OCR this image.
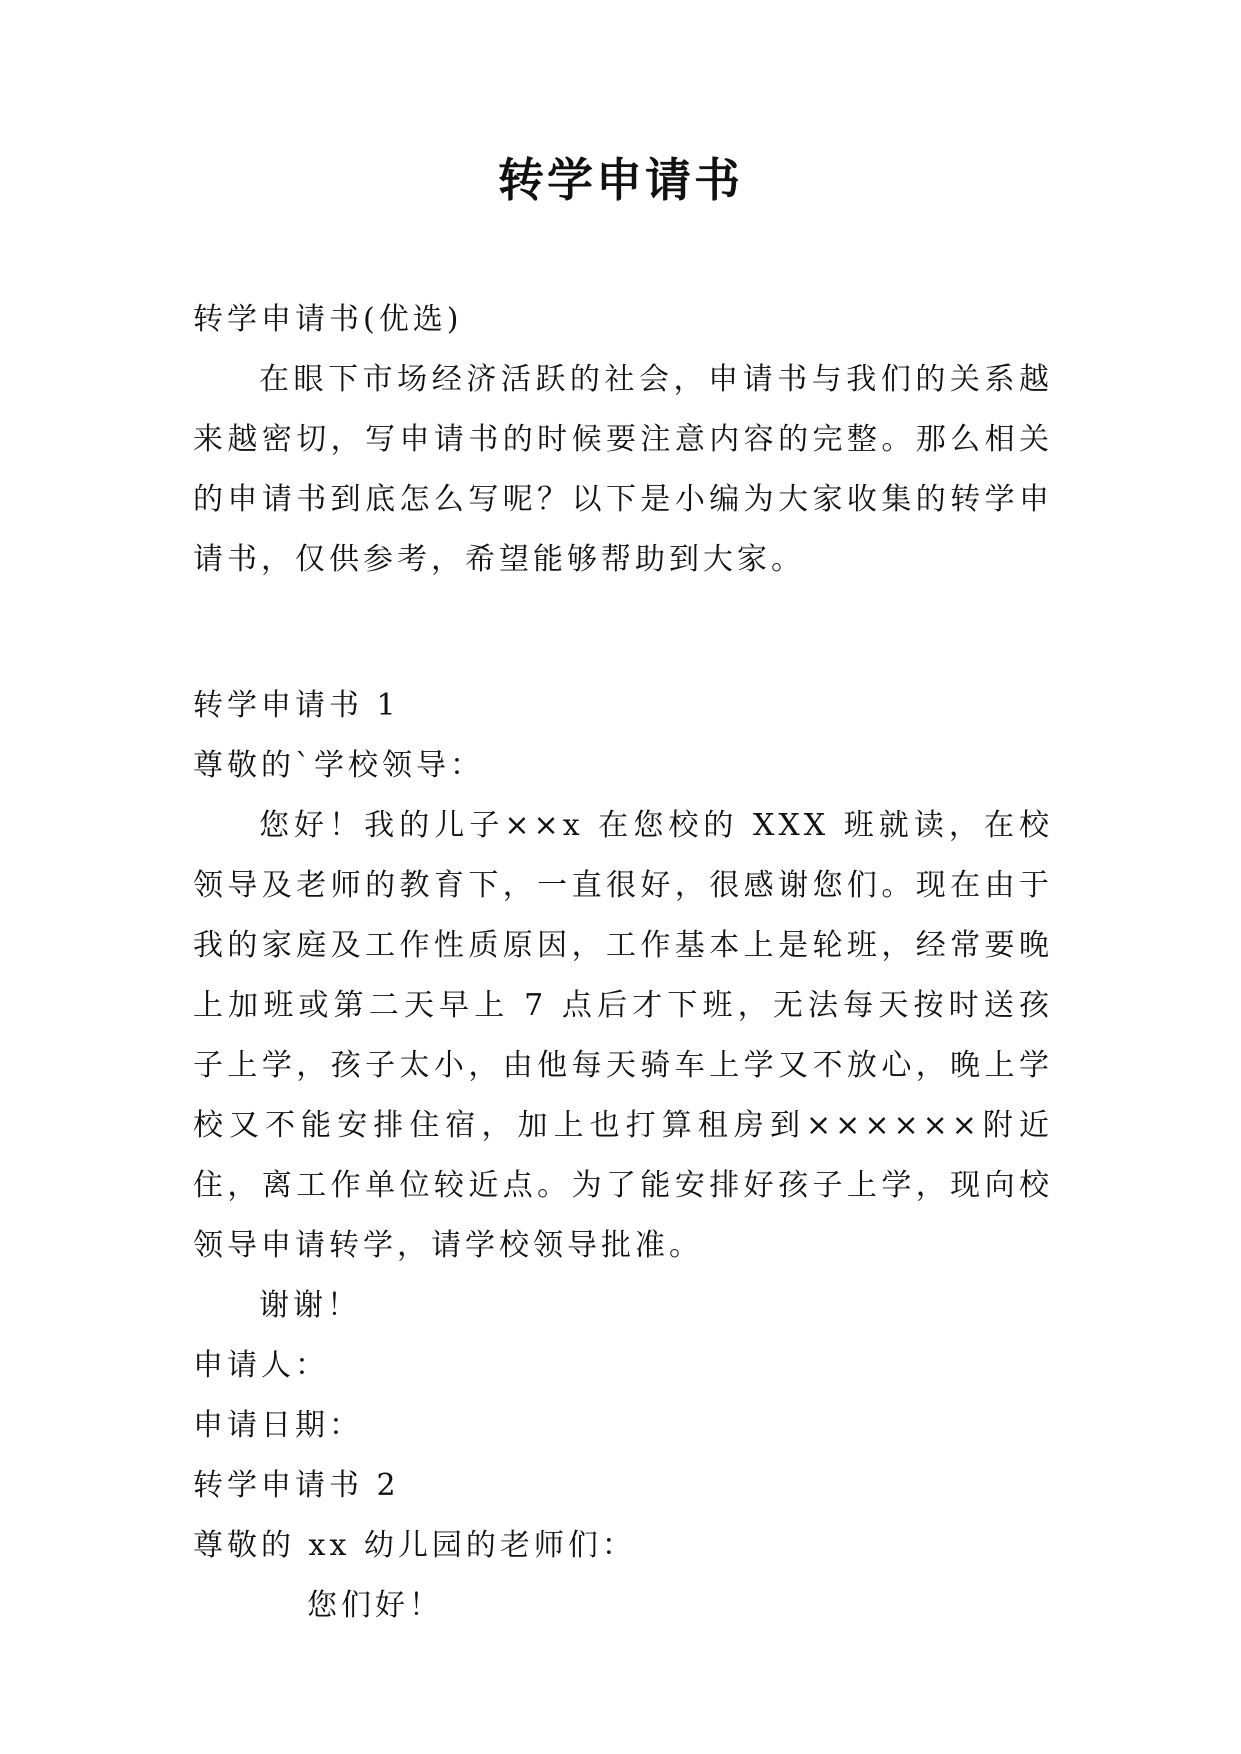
转学申请书
转学申请书(优选)

在眼下市场经济活跃的社会，申请书与我们的关系越来越密切，写申请书的时候要注意内容的完整。那么相关的申请书到底怎么写呢？以下是小编为大家收集的转学申请书，仅供参考，希望能够帮助到大家。

转学申请书 1
尊敬的`学校领导：

您好！我的儿子××x 在您校的 XXX 班就读，在校领导及老师的教育下，一直很好，很感谢您们。现在由于我的家庭及工作性质原因，工作基本上是轮班，经常要晚上加班或第二天早上 7 点后才下班，无法每天按时送孩子上学，孩子太小，由他每天骑车上学又不放心，晚上学校又不能安排住宿，加上也打算租房到××××××附近住，离工作单位较近点。为了能安排好孩子上学，现向校领导申请转学，请学校领导批准。

谢谢！
申请人：
申请日期：
转学申请书 2
尊敬的 xx 幼儿园的老师们：
您们好！
